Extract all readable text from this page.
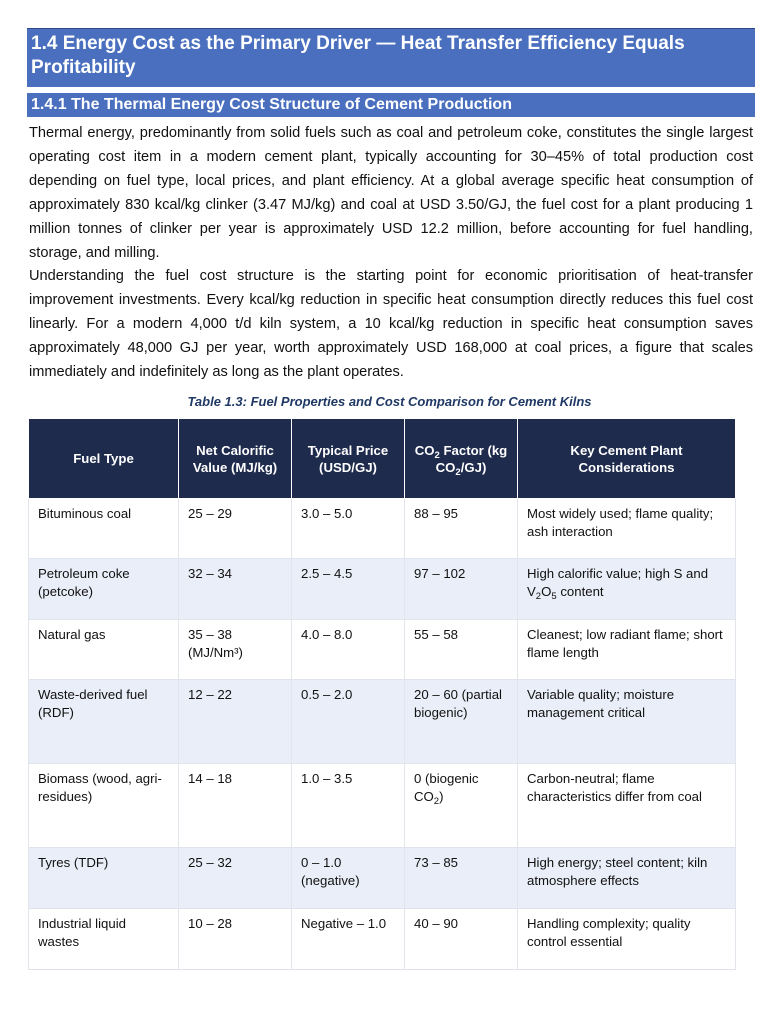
1.4 Energy Cost as the Primary Driver — Heat Transfer Efficiency Equals Profitability
1.4.1 The Thermal Energy Cost Structure of Cement Production

Thermal energy, predominantly from solid fuels such as coal and petroleum coke, constitutes the single largest operating cost item in a modern cement plant, typically accounting for 30–45% of total production cost depending on fuel type, local prices, and plant efficiency. At a global average specific heat consumption of approximately 830 kcal/kg clinker (3.47 MJ/kg) and coal at USD 3.50/GJ, the fuel cost for a plant producing 1 million tonnes of clinker per year is approximately USD 12.2 million, before accounting for fuel handling, storage, and milling.

Understanding the fuel cost structure is the starting point for economic prioritisation of heat-transfer improvement investments. Every kcal/kg reduction in specific heat consumption directly reduces this fuel cost linearly. For a modern 4,000 t/d kiln system, a 10 kcal/kg reduction in specific heat consumption saves approximately 48,000 GJ per year, worth approximately USD 168,000 at coal prices, a figure that scales immediately and indefinitely as long as the plant operates.

Table 1.3: Fuel Properties and Cost Comparison for Cement Kilns
Fuel Type	Net Calorific Value (MJ/kg)	Typical Price (USD/GJ)	$CO_2$ Factor (kg $CO_2/GJ$)	Key Cement Plant Considerations
Bituminous coal	25 – 29	3.0 – 5.0	88 – 95	Most widely used; flame quality; ash interaction
Petroleum coke (petcoke)	32 – 34	2.5 – 4.5	97 – 102	High calorific value; high S and $V_2O_5$ content
Natural gas	35 – 38 (MJ/Nm³)	4.0 – 8.0	55 – 58	Cleanest; low radiant flame; short flame length
Waste-derived fuel (RDF)	12 – 22	0.5 – 2.0	20 – 60 (partial biogenic)	Variable quality; moisture management critical
Biomass (wood, agri-residues)	14 – 18	1.0 – 3.5	0 (biogenic $CO_2$)	Carbon-neutral; flame characteristics differ from coal
Tyres (TDF)	25 – 32	0 – 1.0 (negative)	73 – 85	High energy; steel content; kiln atmosphere effects
Industrial liquid wastes	10 – 28	Negative – 1.0	40 – 90	Handling complexity; quality control essential
